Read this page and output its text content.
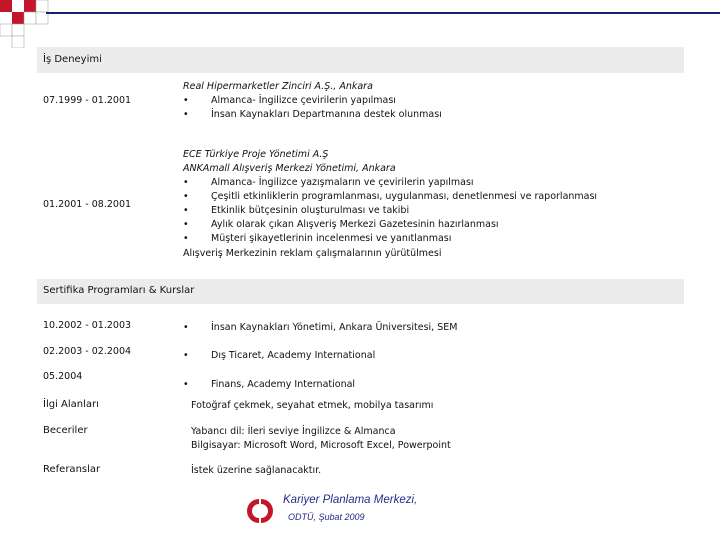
İş Deneyimi
07.1999 - 01.2001
Real Hipermarketler Zinciri A.Ş., Ankara
• Almanca- İngilizce çevirilerin yapılması
• İnsan Kaynakları Departmanına destek olunması
01.2001 - 08.2001
ECE Türkiye Proje Yönetimi A.Ş
ANKAmall Alışveriş Merkezi Yönetimi, Ankara
• Almanca- İngilizce yazışmaların ve çevirilerin yapılması
• Çeşitli etkinliklerin programlanması, uygulanması, denetlenmesi ve raporlanması
• Etkinlik bütçesinin oluşturulması ve takibi
• Aylık olarak çıkan Alışveriş Merkezi Gazetesinin hazırlanması
• Müşteri şikayetlerinin incelenmesi ve yanıtlanması
Alışveriş Merkezinin reklam çalışmalarının yürütülmesi
Sertifika Programları & Kurslar
10.2002 - 01.2003	• İnsan Kaynakları Yönetimi, Ankara Üniversitesi, SEM
02.2003 - 02.2004	• Dış Ticaret, Academy International
05.2004
• Finans, Academy International
İlgi Alanları	Fotoğraf çekmek, seyahat etmek, mobilya tasarımı
Beceriler	Yabancı dil: İleri seviye İngilizce & Almanca
Bilgisayar: Microsoft Word, Microsoft Excel, Powerpoint
Referanslar	İstek üzerine sağlanacaktır.
Kariyer Planlama Merkezi,
ODTÜ, Şubat 2009
